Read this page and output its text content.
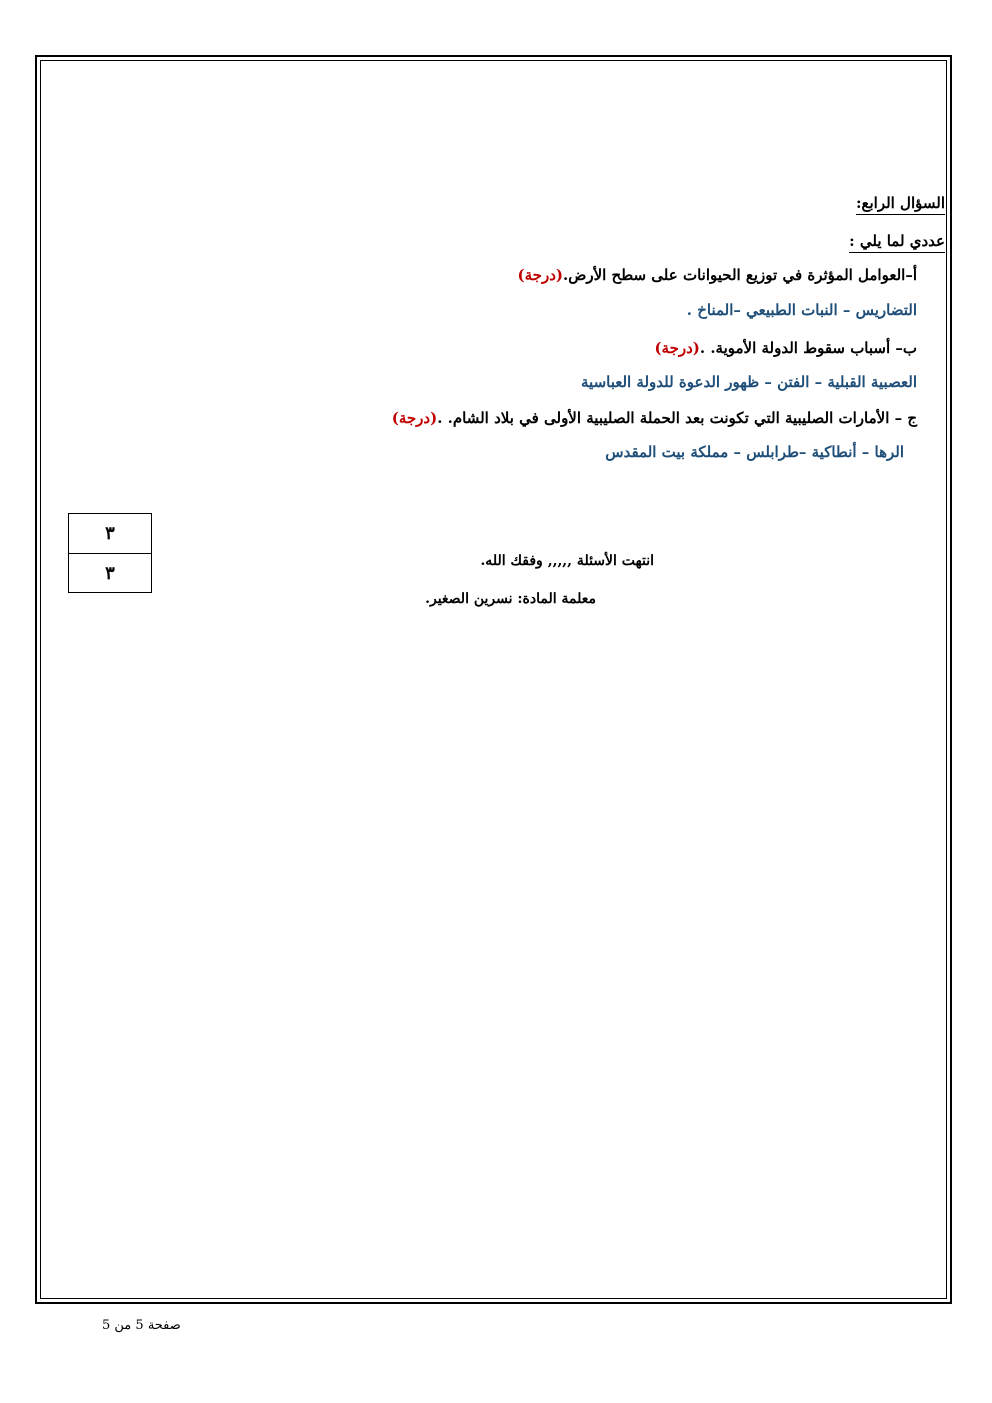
السؤال الرابع:
عددي لما يلي :
أ–العوامل المؤثرة في توزيع الحيوانات على سطح الأرض.(درجة)
التضاريس – النبات الطبيعي –المناخ .
ب– أسباب سقوط الدولة الأموية. .(درجة)
العصبية القبلية – الفتن – ظهور الدعوة للدولة العباسية
ج – الأمارات الصليبية التي تكونت بعد الحملة الصليبية الأولى في بلاد الشام. .(درجة)
الرها – أنطاكية –طرابلس – مملكة بيت المقدس
٣
٣
انتهت الأسئلة ,,,,, وفقك الله.
معلمة المادة: نسرين الصغير.
صفحة 5 من 5
